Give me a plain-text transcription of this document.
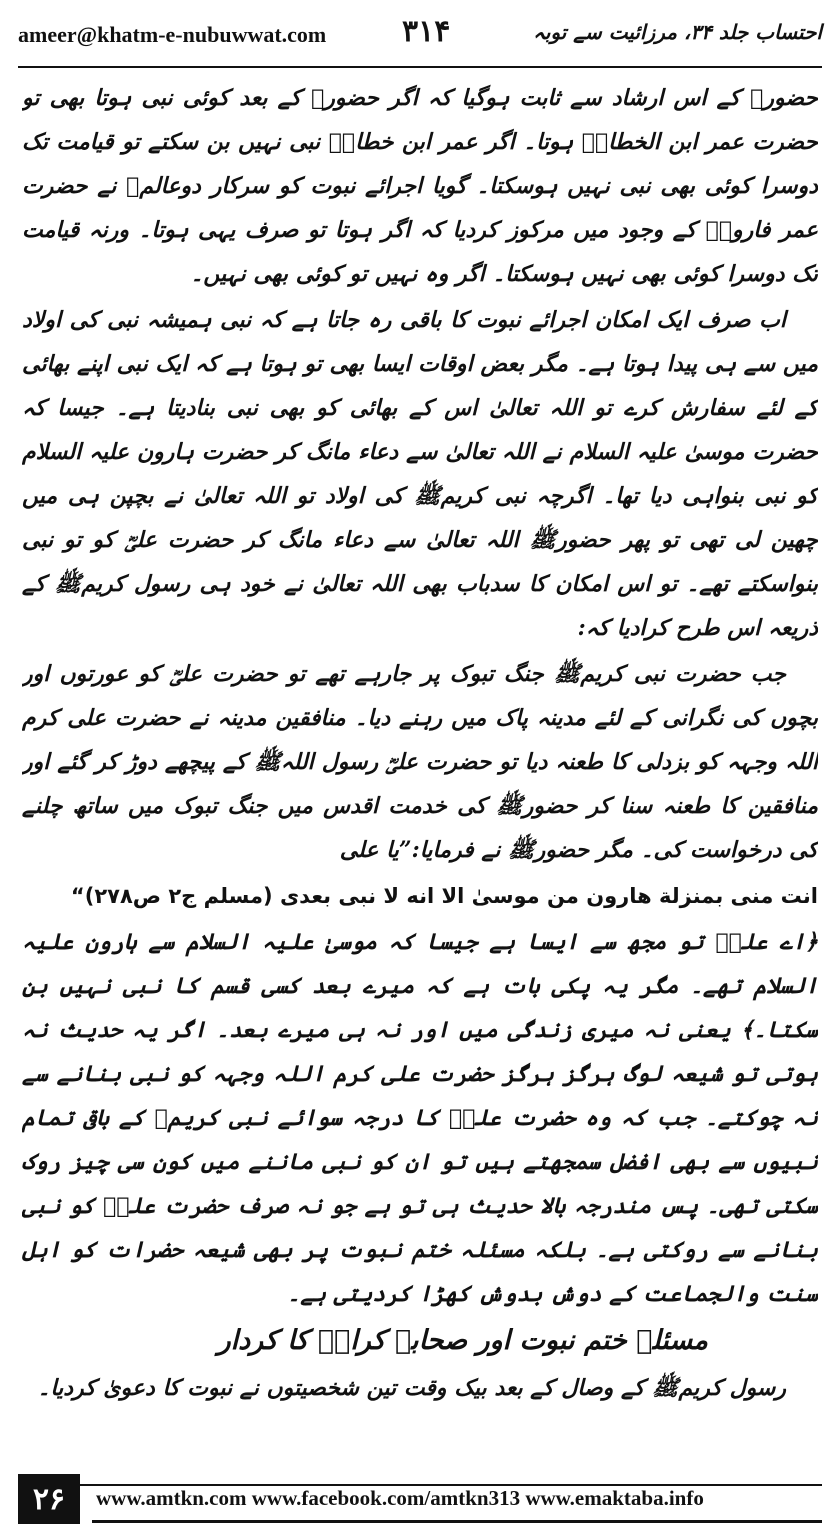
ameer@khatm-e-nubuwwat.com	۳۱۴	احتساب جلد ۳۴، مرزائیت سے توبہ

حضورﷺ کے اس ارشاد سے ثابت ہوگیا کہ اگر حضورﷺ کے بعد کوئی نبی ہوتا بھی تو حضرت عمر ابن الخطابؓ ہوتا۔ اگر عمر ابن خطابؓ نبی نہیں بن سکتے تو قیامت تک دوسرا کوئی بھی نبی نہیں ہوسکتا۔ گویا اجرائے نبوت کو سرکار دوعالمﷺ نے حضرت عمر فاروقؓ کے وجود میں مرکوز کردیا کہ اگر ہوتا تو صرف یہی ہوتا۔ ورنہ قیامت تک دوسرا کوئی بھی نہیں ہوسکتا۔ اگر وہ نہیں تو کوئی بھی نہیں۔

اب صرف ایک امکان اجرائے نبوت کا باقی رہ جاتا ہے کہ نبی ہمیشہ نبی کی اولاد میں سے ہی پیدا ہوتا ہے۔ مگر بعض اوقات ایسا بھی تو ہوتا ہے کہ ایک نبی اپنے بھائی کے لئے سفارش کرے تو اللہ تعالیٰ اس کے بھائی کو بھی نبی بنادیتا ہے۔ جیسا کہ حضرت موسیٰ علیہ السلام نے اللہ تعالیٰ سے دعاء مانگ کر حضرت ہارون علیہ السلام کو نبی بنواہی دیا تھا۔ اگرچہ نبی کریمﷺ کی اولاد تو اللہ تعالیٰ نے بچپن ہی میں چھین لی تھی تو پھر حضورﷺ اللہ تعالیٰ سے دعاء مانگ کر حضرت علیؓ کو تو نبی بنواسکتے تھے۔ تو اس امکان کا سدباب بھی اللہ تعالیٰ نے خود ہی رسول کریمﷺ کے ذریعہ اس طرح کرادیا کہ:

جب حضرت نبی کریمﷺ جنگ تبوک پر جارہے تھے تو حضرت علیؓ کو عورتوں اور بچوں کی نگرانی کے لئے مدینہ پاک میں رہنے دیا۔ منافقین مدینہ نے حضرت علی کرم اللہ وجہہ کو بزدلی کا طعنہ دیا تو حضرت علیؓ رسول اللہﷺ کے پیچھے دوڑ کر گئے اور منافقین کا طعنہ سنا کر حضورﷺ کی خدمت اقدس میں جنگ تبوک میں ساتھ چلنے کی درخواست کی۔ مگر حضورﷺ نے فرمایا:”یا علی

انت منی بمنزلة هارون من موسیٰ الا انه لا نبی بعدی (مسلم ج۲ ص۲۷۸)“

﴿اے علیؓ تو مجھ سے ایسا ہے جیسا کہ موسیٰ علیہ السلام سے ہارون علیہ السلام تھے۔ مگر یہ پکی بات ہے کہ میرے بعد کسی قسم کا نبی نہیں بن سکتا۔﴾ یعنی نہ میری زندگی میں اور نہ ہی میرے بعد۔ اگر یہ حدیث نہ ہوتی تو شیعہ لوگ ہرگز ہرگز حضرت علی کرم اللہ وجہہ کو نبی بنانے سے نہ چوکتے۔ جب کہ وہ حضرت علیؓ کا درجہ سوائے نبی کریمﷺ کے باقی تمام نبیوں سے بھی افضل سمجھتے ہیں تو ان کو نبی ماننے میں کون سی چیز روک سکتی تھی۔ پس مندرجہ بالا حدیث ہی تو ہے جو نہ صرف حضرت علیؓ کو نبی بنانے سے روکتی ہے۔ بلکہ مسئلہ ختم نبوت پر بھی شیعہ حضرات کو اہل سنت والجماعت کے دوش بدوش کھڑا کردیتی ہے۔

مسئلہ ختم نبوت اور صحابہ کرامؓ کا کردار

رسول کریمﷺ کے وصال کے بعد بیک وقت تین شخصیتوں نے نبوت کا دعویٰ کردیا۔

۲۶	www.amtkn.com www.facebook.com/amtkn313 www.emaktaba.info
